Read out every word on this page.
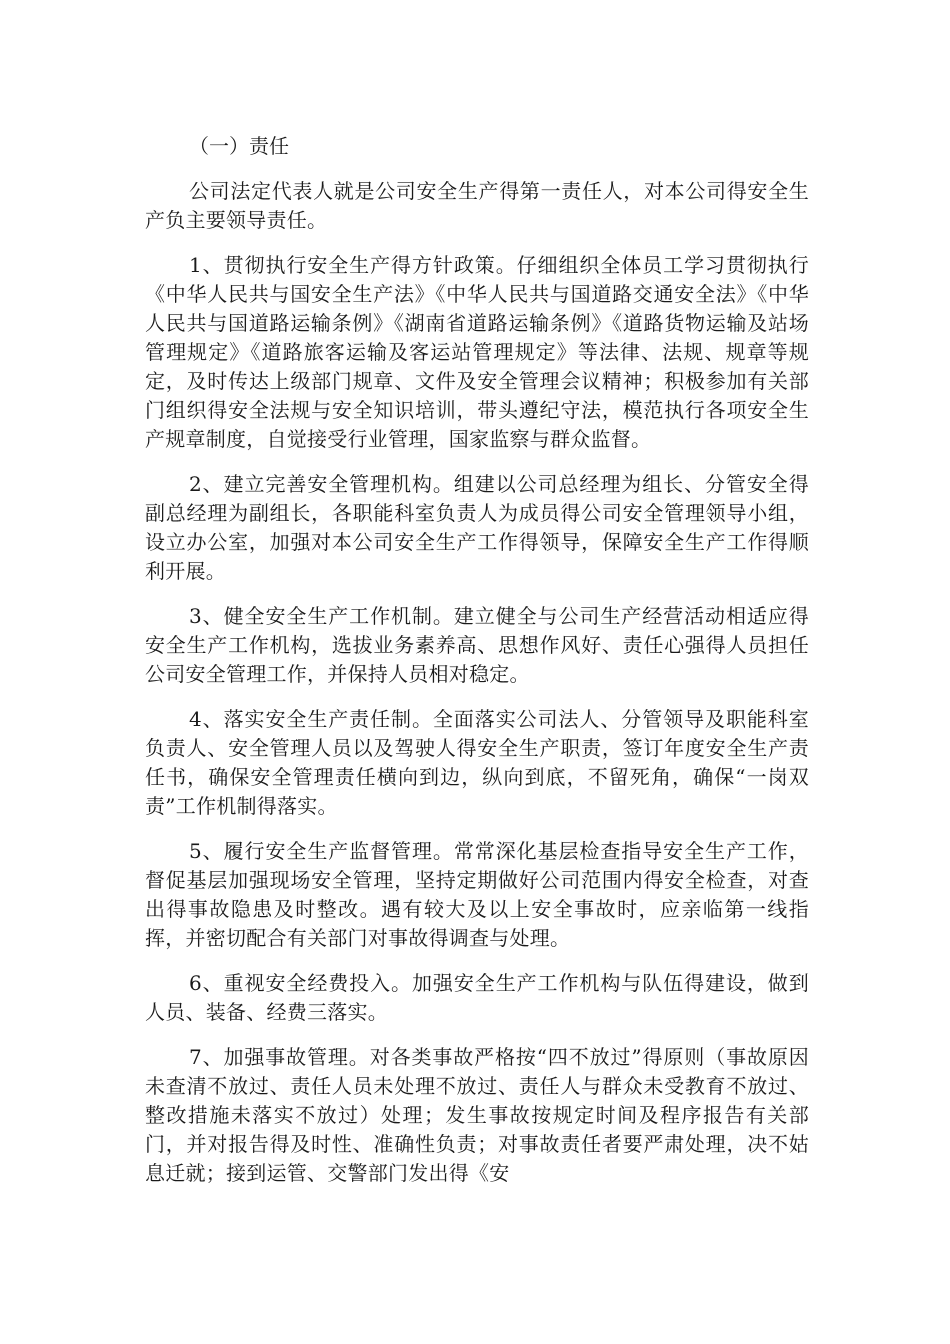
（一）责任

公司法定代表人就是公司安全生产得第一责任人，对本公司得安全生产负主要领导责任。

1、贯彻执行安全生产得方针政策。仔细组织全体员工学习贯彻执行《中华人民共与国安全生产法》《中华人民共与国道路交通安全法》《中华人民共与国道路运输条例》《湖南省道路运输条例》《道路货物运输及站场管理规定》《道路旅客运输及客运站管理规定》等法律、法规、规章等规定，及时传达上级部门规章、文件及安全管理会议精神；积极参加有关部门组织得安全法规与安全知识培训，带头遵纪守法，模范执行各项安全生产规章制度，自觉接受行业管理，国家监察与群众监督。

2、建立完善安全管理机构。组建以公司总经理为组长、分管安全得副总经理为副组长，各职能科室负责人为成员得公司安全管理领导小组，设立办公室，加强对本公司安全生产工作得领导，保障安全生产工作得顺利开展。

3、健全安全生产工作机制。建立健全与公司生产经营活动相适应得安全生产工作机构，选拔业务素养高、思想作风好、责任心强得人员担任公司安全管理工作，并保持人员相对稳定。

4、落实安全生产责任制。全面落实公司法人、分管领导及职能科室负责人、安全管理人员以及驾驶人得安全生产职责，签订年度安全生产责任书，确保安全管理责任横向到边，纵向到底，不留死角，确保“一岗双责”工作机制得落实。

5、履行安全生产监督管理。常常深化基层检查指导安全生产工作，督促基层加强现场安全管理，坚持定期做好公司范围内得安全检查，对查出得事故隐患及时整改。遇有较大及以上安全事故时，应亲临第一线指挥，并密切配合有关部门对事故得调查与处理。

6、重视安全经费投入。加强安全生产工作机构与队伍得建设，做到人员、装备、经费三落实。

7、加强事故管理。对各类事故严格按“四不放过”得原则（事故原因未查清不放过、责任人员未处理不放过、责任人与群众未受教育不放过、整改措施未落实不放过）处理；发生事故按规定时间及程序报告有关部门，并对报告得及时性、准确性负责；对事故责任者要严肃处理，决不姑息迁就；接到运管、交警部门发出得《安
